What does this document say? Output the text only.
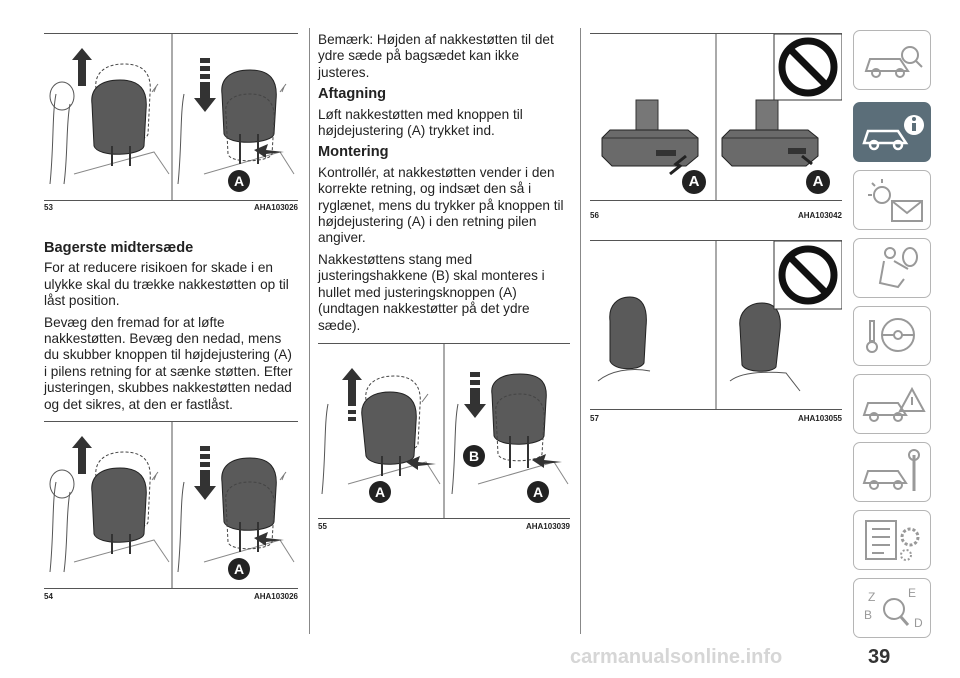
A
53	AHA103026
Bagerste midtersæde

For at reducere risikoen for skade i en ulykke skal du trække nakkestøtten op til låst position.

Bevæg den fremad for at løfte nakkestøtten. Bevæg den nedad, mens du skubber knoppen til højdejustering (A) i pilens retning for at sænke støtten. Efter justeringen, skubbes nakkestøtten nedad og det sikres, at den er fastlåst.

A
54	AHA103026

Bemærk: Højden af nakkestøtten til det ydre sæde på bagsædet kan ikke justeres.

Aftagning

Løft nakkestøtten med knoppen til højdejustering (A) trykket ind.

Montering

Kontrollér, at nakkestøtten vender i den korrekte retning, og indsæt den så i ryglænet, mens du trykker på knoppen til højdejustering (A) i den retning pilen angiver.

Nakkestøttens stang med justeringshakkene (B) skal monteres i hullet med justeringsknoppen (A) (undtagen nakkestøtter på det ydre sæde).

A
B
A
55	AHA103039
A	A
56	AHA103042
57	AHA103055
Z	E
B
D
39
carmanualsonline.info
